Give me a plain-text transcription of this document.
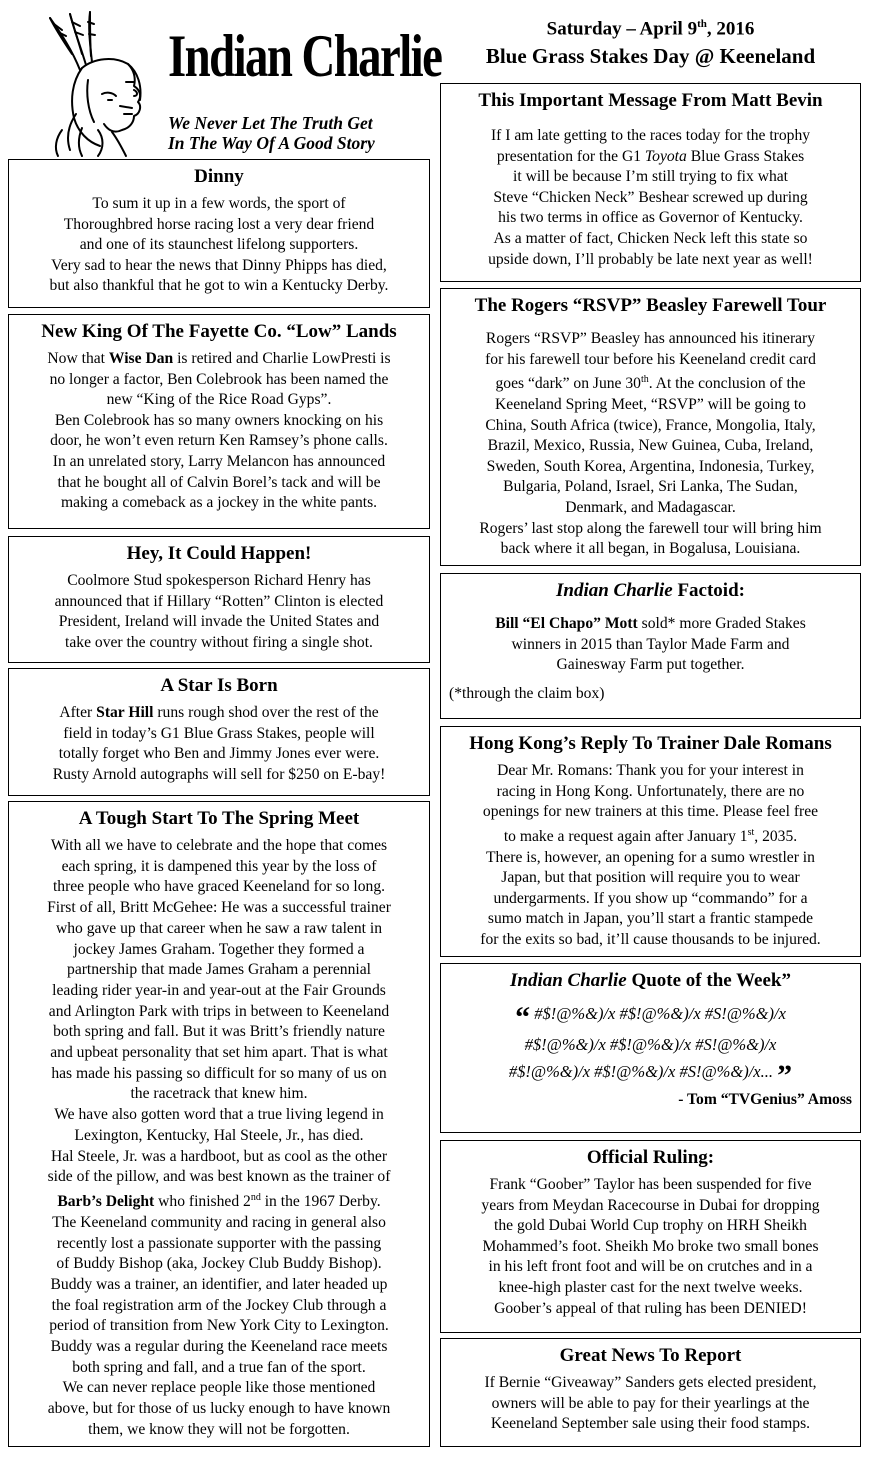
Indian Charlie
We Never Let The Truth Get
In The Way Of A Good Story
Saturday – April 9th, 2016
Blue Grass Stakes Day @ Keeneland
Dinny

To sum it up in a few words, the sport of

Thoroughbred horse racing lost a very dear friend

and one of its staunchest lifelong supporters.

Very sad to hear the news that Dinny Phipps has died,

but also thankful that he got to win a Kentucky Derby.

New King Of The Fayette Co. “Low” Lands

Now that Wise Dan is retired and Charlie LowPresti is

no longer a factor, Ben Colebrook has been named the

new “King of the Rice Road Gyps”.

Ben Colebrook has so many owners knocking on his

door, he won’t even return Ken Ramsey’s phone calls.

In an unrelated story, Larry Melancon has announced

that he bought all of Calvin Borel’s tack and will be

making a comeback as a jockey in the white pants.

Hey, It Could Happen!

Coolmore Stud spokesperson Richard Henry has

announced that if Hillary “Rotten” Clinton is elected

President, Ireland will invade the United States and

take over the country without firing a single shot.

A Star Is Born

After Star Hill runs rough shod over the rest of the

field in today’s G1 Blue Grass Stakes, people will

totally forget who Ben and Jimmy Jones ever were.

Rusty Arnold autographs will sell for $250 on E-bay!

A Tough Start To The Spring Meet

With all we have to celebrate and the hope that comes

each spring, it is dampened this year by the loss of

three people who have graced Keeneland for so long.

First of all, Britt McGehee: He was a successful trainer

who gave up that career when he saw a raw talent in

jockey James Graham. Together they formed a

partnership that made James Graham a perennial

leading rider year-in and year-out at the Fair Grounds

and Arlington Park with trips in between to Keeneland

both spring and fall. But it was Britt’s friendly nature

and upbeat personality that set him apart. That is what

has made his passing so difficult for so many of us on

the racetrack that knew him.

We have also gotten word that a true living legend in

Lexington, Kentucky, Hal Steele, Jr., has died.

Hal Steele, Jr. was a hardboot, but as cool as the other

side of the pillow, and was best known as the trainer of

Barb’s Delight who finished 2nd in the 1967 Derby.

The Keeneland community and racing in general also

recently lost a passionate supporter with the passing

of Buddy Bishop (aka, Jockey Club Buddy Bishop).

Buddy was a trainer, an identifier, and later headed up

the foal registration arm of the Jockey Club through a

period of transition from New York City to Lexington.

Buddy was a regular during the Keeneland race meets

both spring and fall, and a true fan of the sport.

We can never replace people like those mentioned

above, but for those of us lucky enough to have known

them, we know they will not be forgotten.

This Important Message From Matt Bevin

If I am late getting to the races today for the trophy

presentation for the G1 Toyota Blue Grass Stakes

it will be because I’m still trying to fix what

Steve “Chicken Neck” Beshear screwed up during

his two terms in office as Governor of Kentucky.

As a matter of fact, Chicken Neck left this state so

upside down, I’ll probably be late next year as well!

The Rogers “RSVP” Beasley Farewell Tour

Rogers “RSVP” Beasley has announced his itinerary

for his farewell tour before his Keeneland credit card

goes “dark” on June 30th. At the conclusion of the

Keeneland Spring Meet, “RSVP” will be going to

China, South Africa (twice), France, Mongolia, Italy,

Brazil, Mexico, Russia, New Guinea, Cuba, Ireland,

Sweden, South Korea, Argentina, Indonesia, Turkey,

Bulgaria, Poland, Israel, Sri Lanka, The Sudan,

Denmark, and Madagascar.

Rogers’ last stop along the farewell tour will bring him

back where it all began, in Bogalusa, Louisiana.

Indian Charlie Factoid:

Bill “El Chapo” Mott sold* more Graded Stakes

winners in 2015 than Taylor Made Farm and

Gainesway Farm put together.

(*through the claim box)
Hong Kong’s Reply To Trainer Dale Romans

Dear Mr. Romans: Thank you for your interest in

racing in Hong Kong. Unfortunately, there are no

openings for new trainers at this time. Please feel free

to make a request again after January 1st, 2035.

There is, however, an opening for a sumo wrestler in

Japan, but that position will require you to wear

undergarments. If you show up “commando” for a

sumo match in Japan, you’ll start a frantic stampede

for the exits so bad, it’ll cause thousands to be injured.

Indian Charlie Quote of the Week”
“ #$!@%&)/x #$!@%&)/x #S!@%&)/x
#$!@%&)/x #$!@%&)/x #S!@%&)/x
#$!@%&)/x #$!@%&)/x #S!@%&)/x... ”
- Tom “TVGenius” Amoss
Official Ruling:

Frank “Goober” Taylor has been suspended for five

years from Meydan Racecourse in Dubai for dropping

the gold Dubai World Cup trophy on HRH Sheikh

Mohammed’s foot. Sheikh Mo broke two small bones

in his left front foot and will be on crutches and in a

knee-high plaster cast for the next twelve weeks.

Goober’s appeal of that ruling has been DENIED!

Great News To Report

If Bernie “Giveaway” Sanders gets elected president,

owners will be able to pay for their yearlings at the

Keeneland September sale using their food stamps.
